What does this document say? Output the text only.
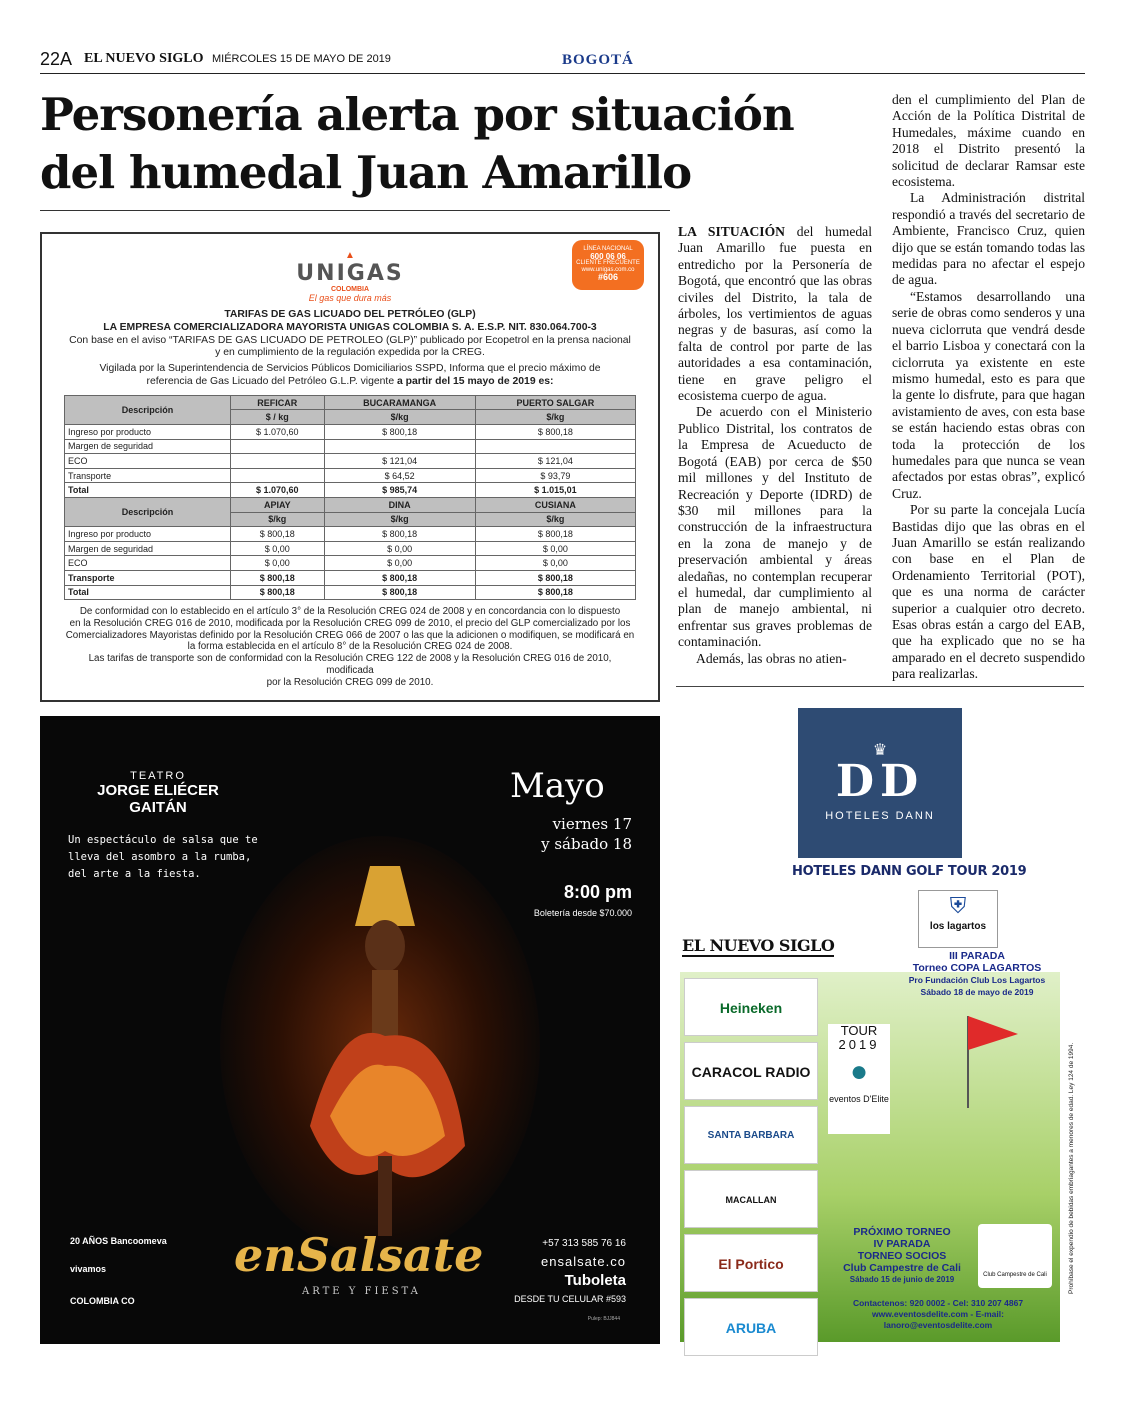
22A EL NUEVO SIGLO MIÉRCOLES 15 DE MAYO DE 2019	BOGOTÁ
Personería alerta por situación
del humedal Juan Amarillo

LA SITUACIÓN del humedal Juan Amarillo fue puesta en entredicho por la Personería de Bogotá, que encontró que las obras civiles del Distrito, la tala de árboles, los vertimientos de aguas negras y de basuras, así como la falta de control por parte de las autoridades a esa contaminación, tiene en grave peligro el ecosistema cuerpo de agua.

De acuerdo con el Ministerio Publico Distrital, los contratos de la Empresa de Acueducto de Bogotá (EAB) por cerca de $50 mil millones y del Instituto de Recreación y Deporte (IDRD) de $30 mil millones para la construcción de la infraestructura en la zona de manejo y de preservación ambiental y áreas aledañas, no contemplan recuperar el humedal, dar cumplimiento al plan de manejo ambiental, ni enfrentar sus graves problemas de contaminación.

Además, las obras no atien-

den el cumplimiento del Plan de Acción de la Política Distrital de Humedales, máxime cuando en 2018 el Distrito presentó la solicitud de declarar Ramsar este ecosistema.

La Administración distrital respondió a través del secretario de Ambiente, Francisco Cruz, quien dijo que se están tomando todas las medidas para no afectar el espejo de agua.

“Estamos desarrollando una serie de obras como senderos y una nueva ciclorruta que vendrá desde el barrio Lisboa y conectará con la ciclorruta ya existente en este mismo humedal, esto es para que la gente lo disfrute, para que hagan avistamiento de aves, con esta base se están haciendo estas obras con toda la protección de los humedales para que nunca se vean afectados por estas obras”, explicó Cruz.

Por su parte la concejala Lucía Bastidas dijo que las obras en el Juan Amarillo se están realizando con base en el Plan de Ordenamiento Territorial (POT), que es una norma de carácter superior a cualquier otro decreto. Esas obras están a cargo del EAB, que ha explicado que no se ha amparado en el decreto suspendido para realizarlas.

LÍNEA NACIONAL
600 06 06
CLIENTE FRECUENTE
www.unigas.com.co
#606
▲
UNIGAS
COLOMBIA
El gas que dura más
TARIFAS DE GAS LICUADO DEL PETRÓLEO (GLP)
LA EMPRESA COMERCIALIZADORA MAYORISTA UNIGAS COLOMBIA S. A. E.S.P. NIT. 830.064.700-3
Con base en el aviso “TARIFAS DE GAS LICUADO DE PETROLEO (GLP)” publicado por Ecopetrol en la prensa nacional
y en cumplimiento de la regulación expedida por la CREG.
Vigilada por la Superintendencia de Servicios Públicos Domiciliarios SSPD, Informa que el precio máximo de
referencia de Gas Licuado del Petróleo G.L.P. vigente a partir del 15 mayo de 2019 es:
Descripción	REFICAR	BUCARAMANGA	PUERTO SALGAR
	$ / kg	$/kg	$/kg
Ingreso por producto	$ 1.070,60	$ 800,18	$ 800,18
Margen de seguridad			
ECO		$ 121,04	$ 121,04
Transporte		$ 64,52	$ 93,79
Total	$ 1.070,60	$ 985,74	$ 1.015,01
Descripción	APIAY	DINA	CUSIANA
	$/kg	$/kg	$/kg
Ingreso por producto	$ 800,18	$ 800,18	$ 800,18
Margen de seguridad	$ 0,00	$ 0,00	$ 0,00
ECO	$ 0,00	$ 0,00	$ 0,00
Transporte	$ 800,18	$ 800,18	$ 800,18
Total	$ 800,18	$ 800,18	$ 800,18
De conformidad con lo establecido en el artículo 3° de la Resolución CREG 024 de 2008 y en concordancia con lo dispuesto
en la Resolución CREG 016 de 2010, modificada por la Resolución CREG 099 de 2010, el precio del GLP comercializado por los
Comercializadores Mayoristas definido por la Resolución CREG 066 de 2007 o las que la adicionen o modifiquen, se modificará en
la forma establecida en el artículo 8° de la Resolución CREG 024 de 2008.
Las tarifas de transporte son de conformidad con la Resolución CREG 122 de 2008 y la Resolución CREG 016 de 2010, modificada
por la Resolución CREG 099 de 2010.
TEATRO
JORGE ELIÉCER GAITÁN
Un espectáculo de salsa que te lleva del asombro a la rumba, del arte a la fiesta.
Mayo
viernes 17
y sábado 18
8:00 pm
Boletería desde $70.000
enSalsate
ARTE Y FIESTA
+57 313 585 76 16
ensalsate.co
Tuboleta
DESDE TU CELULAR #593
Pulep: BJJ844
20 AÑOS Bancoomeva
vivamos
COLOMBIA CO
♛
DD
HOTELES DANN
HOTELES DANN GOLF TOUR 2019
EL NUEVO SIGLO
Heineken
CARACOL RADIO
SANTA BARBARA
MACALLAN
El Portico
ARUBA
⛨
los lagartos
III PARADA
Torneo COPA LAGARTOS
Pro Fundación Club Los Lagartos
Sábado 18 de mayo de 2019
TOUR
2019
●
eventos D'Elite
PRÓXIMO TORNEO
IV PARADA
TORNEO SOCIOS
Club Campestre de Cali
Sábado 15 de junio de 2019	Club Campestre de Cali
Contactenos: 920 0002 - Cel: 310 207 4867
www.eventosdelite.com - E-mail: lanoro@eventosdelite.com
Prohíbase el expendio de bebidas embriagantes a menores de edad. Ley 124 de 1994.
